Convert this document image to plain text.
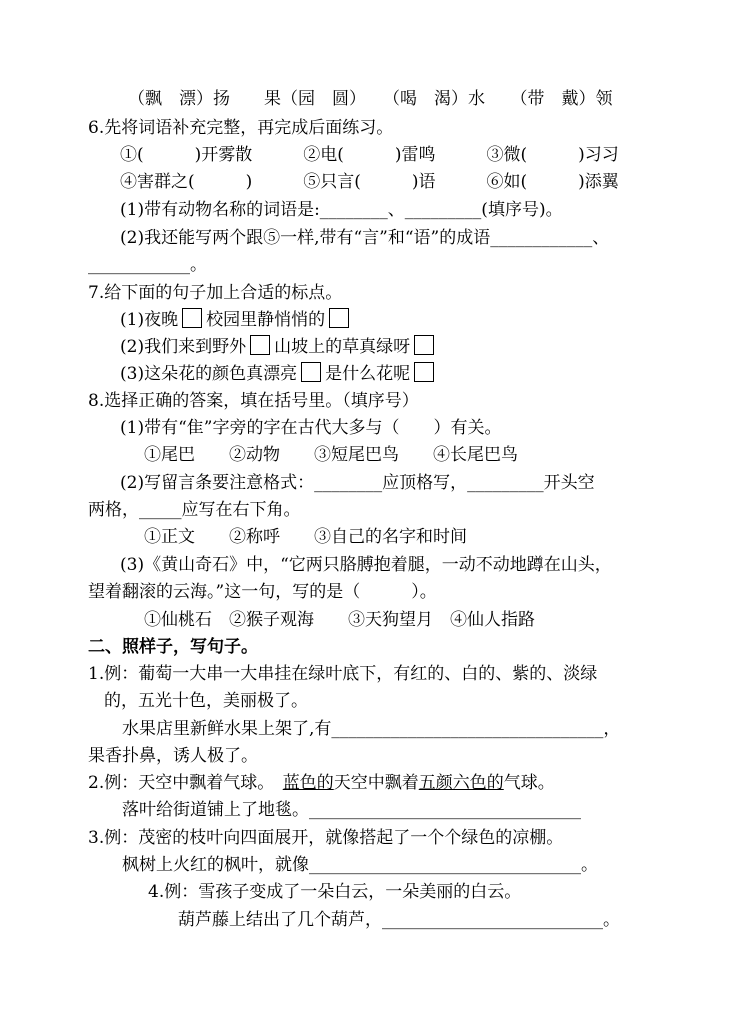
（飘　漂）扬　　果（园　圆）　　（喝　渴）水　　（带　戴）领
6.先将词语补充完整，再完成后面练习。
①(　　　)开雾散　　　②电(　　　)雷鸣　　　③微(　　　)习习
④害群之(　　　)　　　⑤只言(　　　)语　　　⑥如(　　　)添翼
(1)带有动物名称的词语是:________、_________(填序号)。
(2)我还能写两个跟⑤一样,带有“言”和“语”的成语____________、
____________。
7.给下面的句子加上合适的标点。
(1)夜晚 校园里静悄悄的
(2)我们来到野外 山坡上的草真绿呀
(3)这朵花的颜色真漂亮 是什么花呢
8.选择正确的答案，填在括号里。（填序号）
(1)带有“隹”字旁的字在古代大多与（　　）有关。
①尾巴　　②动物　　③短尾巴鸟　　④长尾巴鸟
(2)写留言条要注意格式：________应顶格写，_________开头空
两格，_____应写在右下角。
①正文　　②称呼　　③自己的名字和时间
(3)《黄山奇石》中，“它两只胳膊抱着腿，一动不动地蹲在山头，
望着翻滚的云海。”这一句，写的是（　　　）。
①仙桃石　②猴子观海　　③天狗望月　④仙人指路
二、照样子，写句子。
1.例：葡萄一大串一大串挂在绿叶底下，有红的、白的、紫的、淡绿
的，五光十色，美丽极了。
水果店里新鲜水果上架了,有________________________________，
果香扑鼻，诱人极了。
2.例：天空中飘着气球。　 蓝色的天空中飘着五颜六色的气球。
落叶给街道铺上了地毯。________________________________
3.例：茂密的枝叶向四面展开，就像搭起了一个个绿色的凉棚。
枫树上火红的枫叶，就像________________________________。
4.例：雪孩子变成了一朵白云，一朵美丽的白云。
葫芦藤上结出了几个葫芦，__________________________。
